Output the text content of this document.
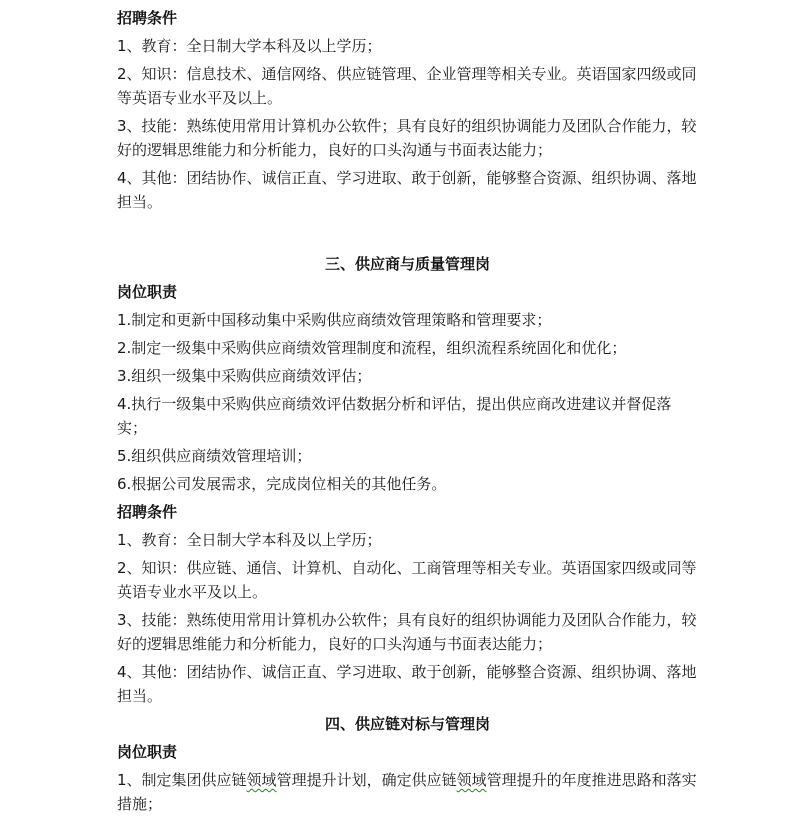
招聘条件
1、教育：全日制大学本科及以上学历；
2、知识：信息技术、通信网络、供应链管理、企业管理等相关专业。英语国家四级或同等英语专业水平及以上。
3、技能：熟练使用常用计算机办公软件；具有良好的组织协调能力及团队合作能力，较好的逻辑思维能力和分析能力，良好的口头沟通与书面表达能力；
4、其他：团结协作、诚信正直、学习进取、敢于创新，能够整合资源、组织协调、落地担当。
三、供应商与质量管理岗
岗位职责
1.制定和更新中国移动集中采购供应商绩效管理策略和管理要求；
2.制定一级集中采购供应商绩效管理制度和流程，组织流程系统固化和优化；
3.组织一级集中采购供应商绩效评估；
4.执行一级集中采购供应商绩效评估数据分析和评估，提出供应商改进建议并督促落实；
5.组织供应商绩效管理培训；
6.根据公司发展需求，完成岗位相关的其他任务。
招聘条件
1、教育：全日制大学本科及以上学历；
2、知识：供应链、通信、计算机、自动化、工商管理等相关专业。英语国家四级或同等英语专业水平及以上。
3、技能：熟练使用常用计算机办公软件；具有良好的组织协调能力及团队合作能力，较好的逻辑思维能力和分析能力，良好的口头沟通与书面表达能力；
4、其他：团结协作、诚信正直、学习进取、敢于创新，能够整合资源、组织协调、落地担当。
四、供应链对标与管理岗
岗位职责
1、制定集团供应链领域管理提升计划，确定供应链领域管理提升的年度推进思路和落实措施；
